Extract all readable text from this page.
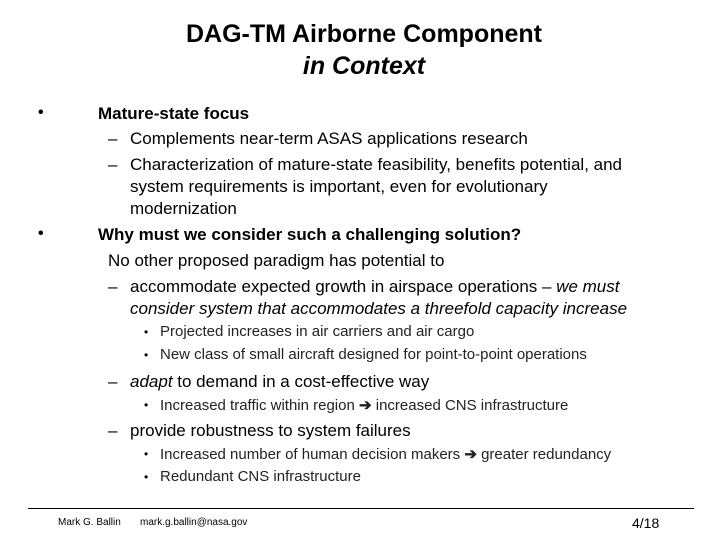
DAG-TM Airborne Component
in Context
•	Mature-state focus
– Complements near-term ASAS applications research
– Characterization of mature-state feasibility, benefits potential, and
system requirements is important, even for evolutionary
modernization
•	Why must we consider such a challenging solution?
No other proposed paradigm has potential to
– accommodate expected growth in airspace operations – we must
consider system that accommodates a threefold capacity increase
• Projected increases in air carriers and air cargo
• New class of small aircraft designed for point-to-point operations
– adapt to demand in a cost-effective way
• Increased traffic within region ➔ increased CNS infrastructure
– provide robustness to system failures
• Increased number of human decision makers ➔ greater redundancy
• Redundant CNS infrastructure
Mark G. Ballin mark.g.ballin@nasa.gov	4/18
